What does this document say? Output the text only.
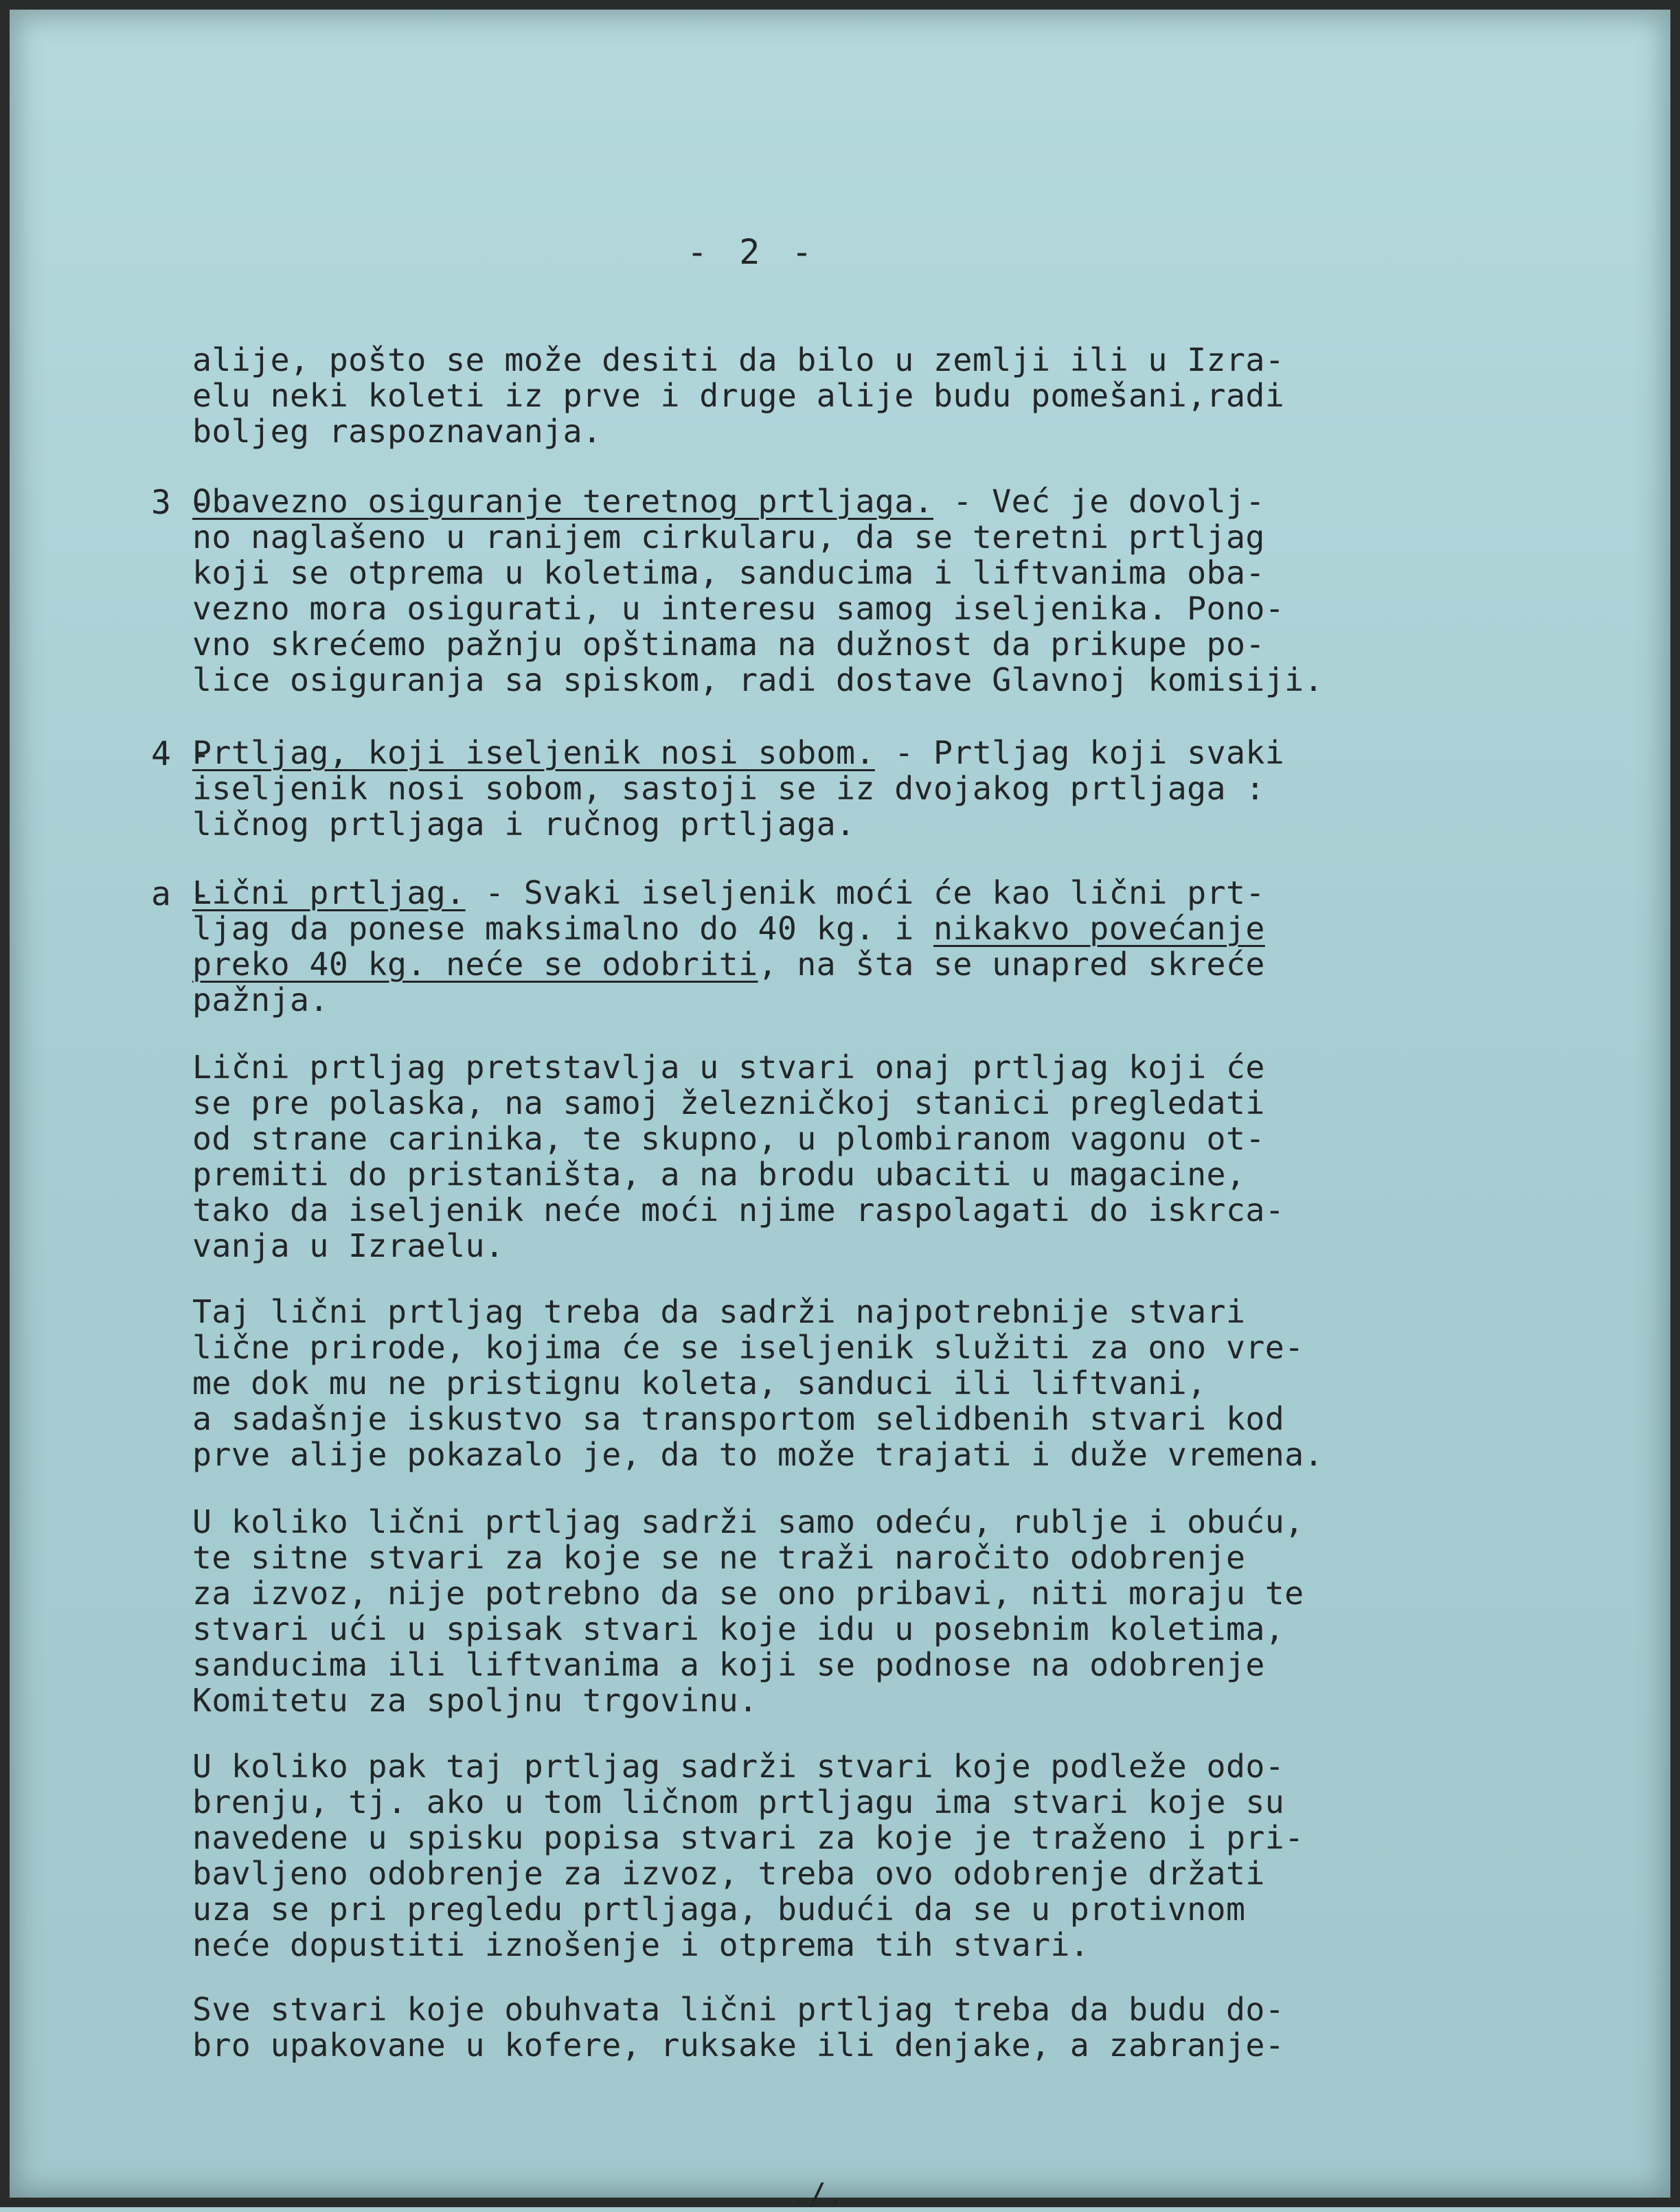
- 2 -
alije, pošto se može desiti da bilo u zemlji ili u Izra-
elu neki koleti iz prve i druge alije budu pomešani,radi
boljeg raspoznavanja.
3 -
Obavezno osiguranje teretnog prtljaga. - Već je dovolj-
no naglašeno u ranijem cirkularu, da se teretni prtljag
koji se otprema u koletima, sanducima i liftvanima oba-
vezno mora osigurati, u interesu samog iseljenika. Pono-
vno skrećemo pažnju opštinama na dužnost da prikupe po-
lice osiguranja sa spiskom, radi dostave Glavnoj komisiji.
4 -
Prtljag, koji iseljenik nosi sobom. - Prtljag koji svaki
iseljenik nosi sobom, sastoji se iz dvojakog prtljaga :
ličnog prtljaga i ručnog prtljaga.
a -
Lični prtljag. - Svaki iseljenik moći će kao lični prt-
ljag da ponese maksimalno do 40 kg. i nikakvo povećanje
preko 40 kg. neće se odobriti, na šta se unapred skreće
pažnja.
Lični prtljag pretstavlja u stvari onaj prtljag koji će
se pre polaska, na samoj železničkoj stanici pregledati
od strane carinika, te skupno, u plombiranom vagonu ot-
premiti do pristaništa, a na brodu ubaciti u magacine,
tako da iseljenik neće moći njime raspolagati do iskrca-
vanja u Izraelu.
Taj lični prtljag treba da sadrži najpotrebnije stvari
lične prirode, kojima će se iseljenik služiti za ono vre-
me dok mu ne pristignu koleta, sanduci ili liftvani,
a sadašnje iskustvo sa transportom selidbenih stvari kod
prve alije pokazalo je, da to može trajati i duže vremena.
U koliko lični prtljag sadrži samo odeću, rublje i obuću,
te sitne stvari za koje se ne traži naročito odobrenje
za izvoz, nije potrebno da se ono pribavi, niti moraju te
stvari ući u spisak stvari koje idu u posebnim koletima,
sanducima ili liftvanima a koji se podnose na odobrenje
Komitetu za spoljnu trgovinu.
U koliko pak taj prtljag sadrži stvari koje podleže odo-
brenju, tj. ako u tom ličnom prtljagu ima stvari koje su
navedene u spisku popisa stvari za koje je traženo i pri-
bavljeno odobrenje za izvoz, treba ovo odobrenje držati
uza se pri pregledu prtljaga, budući da se u protivnom
neće dopustiti iznošenje i otprema tih stvari.
Sve stvari koje obuhvata lični prtljag treba da budu do-
bro upakovane u kofere, ruksake ili denjake, a zabranje-
./.
